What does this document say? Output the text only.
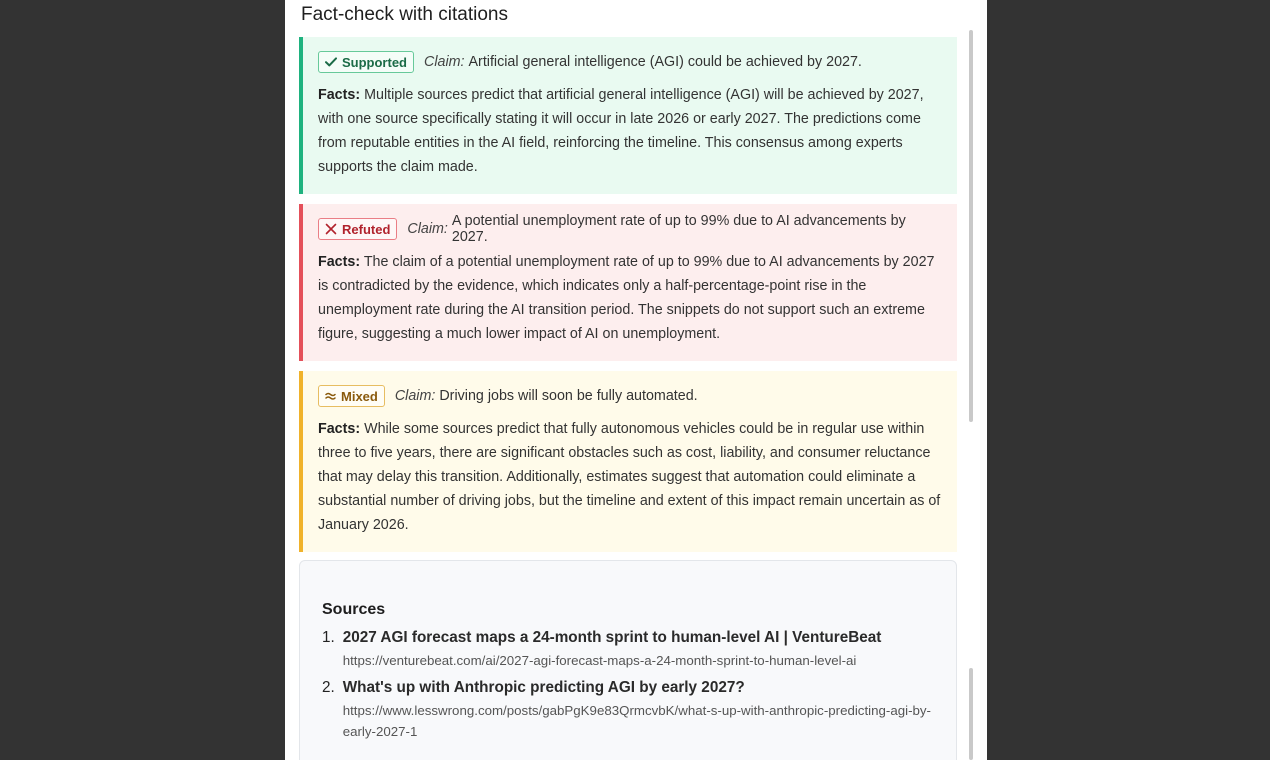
Fact-check with citations
Supported Claim: Artificial general intelligence (AGI) could be achieved by 2027.
Facts: Multiple sources predict that artificial general intelligence (AGI) will be achieved by 2027, with one source specifically stating it will occur in late 2026 or early 2027. The predictions come from reputable entities in the AI field, reinforcing the timeline. This consensus among experts supports the claim made.
Refuted Claim: A potential unemployment rate of up to 99% due to AI advancements by 2027.
Facts: The claim of a potential unemployment rate of up to 99% due to AI advancements by 2027 is contradicted by the evidence, which indicates only a half-percentage-point rise in the unemployment rate during the AI transition period. The snippets do not support such an extreme figure, suggesting a much lower impact of AI on unemployment.
Mixed Claim: Driving jobs will soon be fully automated.
Facts: While some sources predict that fully autonomous vehicles could be in regular use within three to five years, there are significant obstacles such as cost, liability, and consumer reluctance that may delay this transition. Additionally, estimates suggest that automation could eliminate a substantial number of driving jobs, but the timeline and extent of this impact remain uncertain as of January 2026.
Sources
1. 2027 AGI forecast maps a 24-month sprint to human-level AI | VentureBeat
https://venturebeat.com/ai/2027-agi-forecast-maps-a-24-month-sprint-to-human-level-ai
2. What's up with Anthropic predicting AGI by early 2027?
https://www.lesswrong.com/posts/gabPgK9e83QrmcvbK/what-s-up-with-anthropic-predicting-agi-by-early-2027-1
